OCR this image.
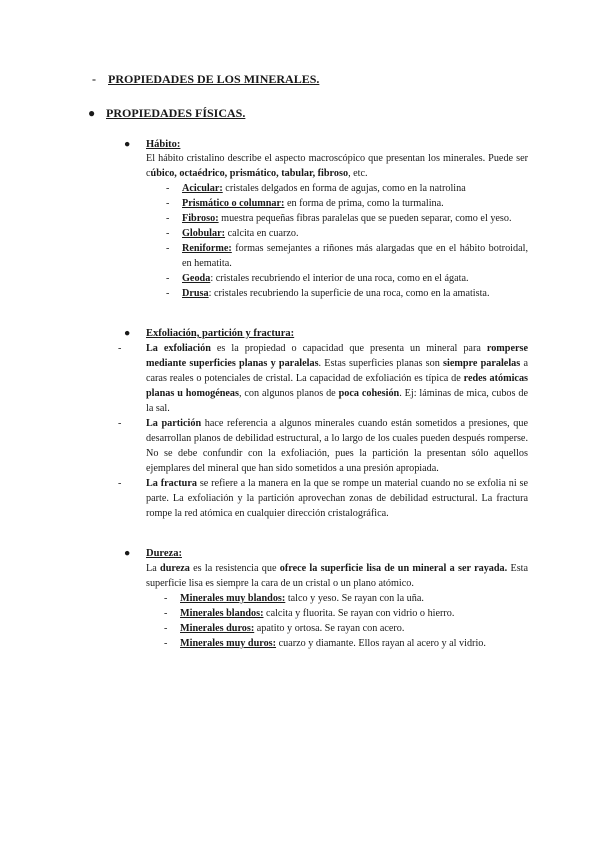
- PROPIEDADES DE LOS MINERALES.
● PROPIEDADES FÍSICAS.
● Hábito:
El hábito cristalino describe el aspecto macroscópico que presentan los minerales. Puede ser cúbico, octaédrico, prismático, tabular, fibroso, etc.
- Acicular: cristales delgados en forma de agujas, como en la natrolina
- Prismático o columnar: en forma de prima, como la turmalina.
- Fibroso: muestra pequeñas fibras paralelas que se pueden separar, como el yeso.
- Globular: calcita en cuarzo.
- Reniforme: formas semejantes a riñones más alargadas que en el hábito botroidal, en hematita.
- Geoda: cristales recubriendo el interior de una roca, como en el ágata.
- Drusa: cristales recubriendo la superficie de una roca, como en la amatista.
● Exfoliación, partición y fractura:
- La exfoliación es la propiedad o capacidad que presenta un mineral para romperse mediante superficies planas y paralelas. Estas superficies planas son siempre paralelas a caras reales o potenciales de cristal. La capacidad de exfoliación es típica de redes atómicas planas u homogéneas, con algunos planos de poca cohesión. Ej: láminas de mica, cubos de la sal.
- La partición hace referencia a algunos minerales cuando están sometidos a presiones, que desarrollan planos de debilidad estructural, a lo largo de los cuales pueden después romperse. No se debe confundir con la exfoliación, pues la partición la presentan sólo aquellos ejemplares del mineral que han sido sometidos a una presión apropiada.
- La fractura se refiere a la manera en la que se rompe un material cuando no se exfolia ni se parte. La exfoliación y la partición aprovechan zonas de debilidad estructural. La fractura rompe la red atómica en cualquier dirección cristalográfica.
● Dureza:
La dureza es la resistencia que ofrece la superficie lisa de un mineral a ser rayada. Esta superficie lisa es siempre la cara de un cristal o un plano atómico.
- Minerales muy blandos: talco y yeso. Se rayan con la uña.
- Minerales blandos: calcita y fluorita. Se rayan con vidrio o hierro.
- Minerales duros: apatito y ortosa. Se rayan con acero.
- Minerales muy duros: cuarzo y diamante. Ellos rayan al acero y al vidrio.
